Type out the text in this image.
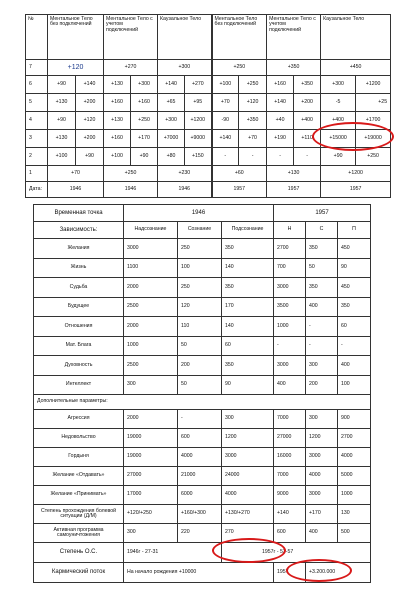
№	Ментальное Тело без подключений		Ментальное Тело с учетом подключений		Каузальное Тело		Ментальное Тело без подключений		Ментальное Тело с учетом подключений		Каузальное Тело	
7	+120		+270		+300		+250		+350		+450	
6	+90	+140	+130	+300	+140	+270	+100	+250	+160	+350	+300	+1200
5	+130	+200	+160	+160	+65	+95	+70	+120	+140	+200	-5	+25
4	+90	+120	+130	+250	+300	+1200	-90	+350	+40	+400	+400	+1700
3	+130	+200	+160	+170	+7000	+9000	+140	+70	+190	+110	+15000	+19000
2	+100	+90	+100	+90	+80	+150	-	-	-	-	+90	+250
1	+70		+250		+230		+60		+130		+1200	
Дата:	1946		1946		1946		1957		1957		1957	
Временная точка	1946			1957		
Зависимость:	Надсознание	Сознание	Подсознание	Н	С	П
Желания	3000	250	350	2700	350	450
Жизнь	1100	100	140	700	50	90
Судьба	2000	250	350	3000	350	450
Будущее	2500	120	170	3500	400	350
Отношения	2000	110	140	1000	-	60
Мат. Блага	1000	50	60	-	-	-
Духовность	2500	200	350	3000	300	400
Интеллект	300	50	90	400	200	100
Дополнительные параметры:						
Агрессия	2000	-	300	7000	300	900
Недовольство	19000	600	1200	27000	1200	2700
Гордыня	19000	4000	3000	16000	3000	4000
Желание «Отдавать»	27000	21000	24000	7000	4000	5000
Желание «Принимать»	17000	6000	4000	9000	3000	1000
Степень прохождения болевой ситуации (Д/М)	+120/+250	+160/+300	+130/+270	+140	+170	130
Активная программа самоуничтожения	300	220	270	600	400	500
Степень О.С.	1946г - 27-31		1957г - 53-57			
Кармический поток	На начало рождения +10000			1957	+3.200.000	
